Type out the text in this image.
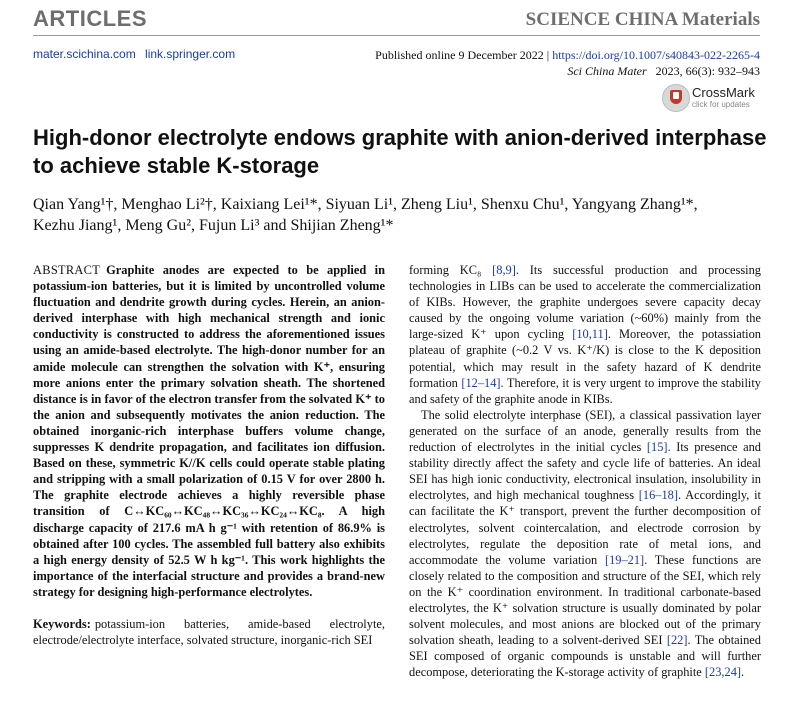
ARTICLES	SCIENCE CHINA Materials
mater.scichina.com link.springer.com	Published online 9 December 2022 | https://doi.org/10.1007/s40843-022-2265-4
Sci China Mater 2023, 66(3): 932–943
CrossMark
click for updates
High-donor electrolyte endows graphite with anion-derived interphase to achieve stable K-storage
Qian Yang¹†, Menghao Li²†, Kaixiang Lei¹*, Siyuan Li¹, Zheng Liu¹, Shenxu Chu¹, Yangyang Zhang¹*,
Kezhu Jiang¹, Meng Gu², Fujun Li³ and Shijian Zheng¹*

ABSTRACT Graphite anodes are expected to be applied in potassium-ion batteries, but it is limited by uncontrolled volume fluctuation and dendrite growth during cycles. Herein, an anion-derived interphase with high mechanical strength and ionic conductivity is constructed to address the aforementioned issues using an amide-based electrolyte. The high-donor number for an amide molecule can strengthen the solvation with K⁺, ensuring more anions enter the primary solvation sheath. The shortened distance is in favor of the electron transfer from the solvated K⁺ to the anion and subsequently motivates the anion reduction. The obtained inorganic-rich interphase buffers volume change, suppresses K dendrite propagation, and facilitates ion diffusion. Based on these, symmetric K//K cells could operate stable plating and stripping with a small polarization of 0.15 V for over 2800 h. The graphite electrode achieves a highly reversible phase transition of C↔KC₆₀↔KC₄₈↔KC₃₆↔KC₂₄↔KC₈. A high discharge capacity of 217.6 mA h g⁻¹ with retention of 86.9% is obtained after 100 cycles. The assembled full battery also exhibits a high energy density of 52.5 W h kg⁻¹. This work highlights the importance of the interfacial structure and provides a brand-new strategy for designing high-performance electrolytes.

Keywords: potassium-ion batteries, amide-based electrolyte, electrode/electrolyte interface, solvated structure, inorganic-rich SEI

forming KC₈ [8,9]. Its successful production and processing technologies in LIBs can be used to accelerate the commercialization of KIBs. However, the graphite undergoes severe capacity decay caused by the ongoing volume variation (~60%) mainly from the large-sized K⁺ upon cycling [10,11]. Moreover, the potassiation plateau of graphite (~0.2 V vs. K⁺/K) is close to the K deposition potential, which may result in the safety hazard of K dendrite formation [12–14]. Therefore, it is very urgent to improve the stability and safety of the graphite anode in KIBs.

The solid electrolyte interphase (SEI), a classical passivation layer generated on the surface of an anode, generally results from the reduction of electrolytes in the initial cycles [15]. Its presence and stability directly affect the safety and cycle life of batteries. An ideal SEI has high ionic conductivity, electronical insulation, insolubility in electrolytes, and high mechanical toughness [16–18]. Accordingly, it can facilitate the K⁺ transport, prevent the further decomposition of electrolytes, solvent cointercalation, and electrode corrosion by electrolytes, regulate the deposition rate of metal ions, and accommodate the volume variation [19–21]. These functions are closely related to the composition and structure of the SEI, which rely on the K⁺ coordination environment. In traditional carbonate-based electrolytes, the K⁺ solvation structure is usually dominated by polar solvent molecules, and most anions are blocked out of the primary solvation sheath, leading to a solvent-derived SEI [22]. The obtained SEI composed of organic compounds is unstable and will further decompose, deteriorating the K-storage activity of graphite [23,24].
